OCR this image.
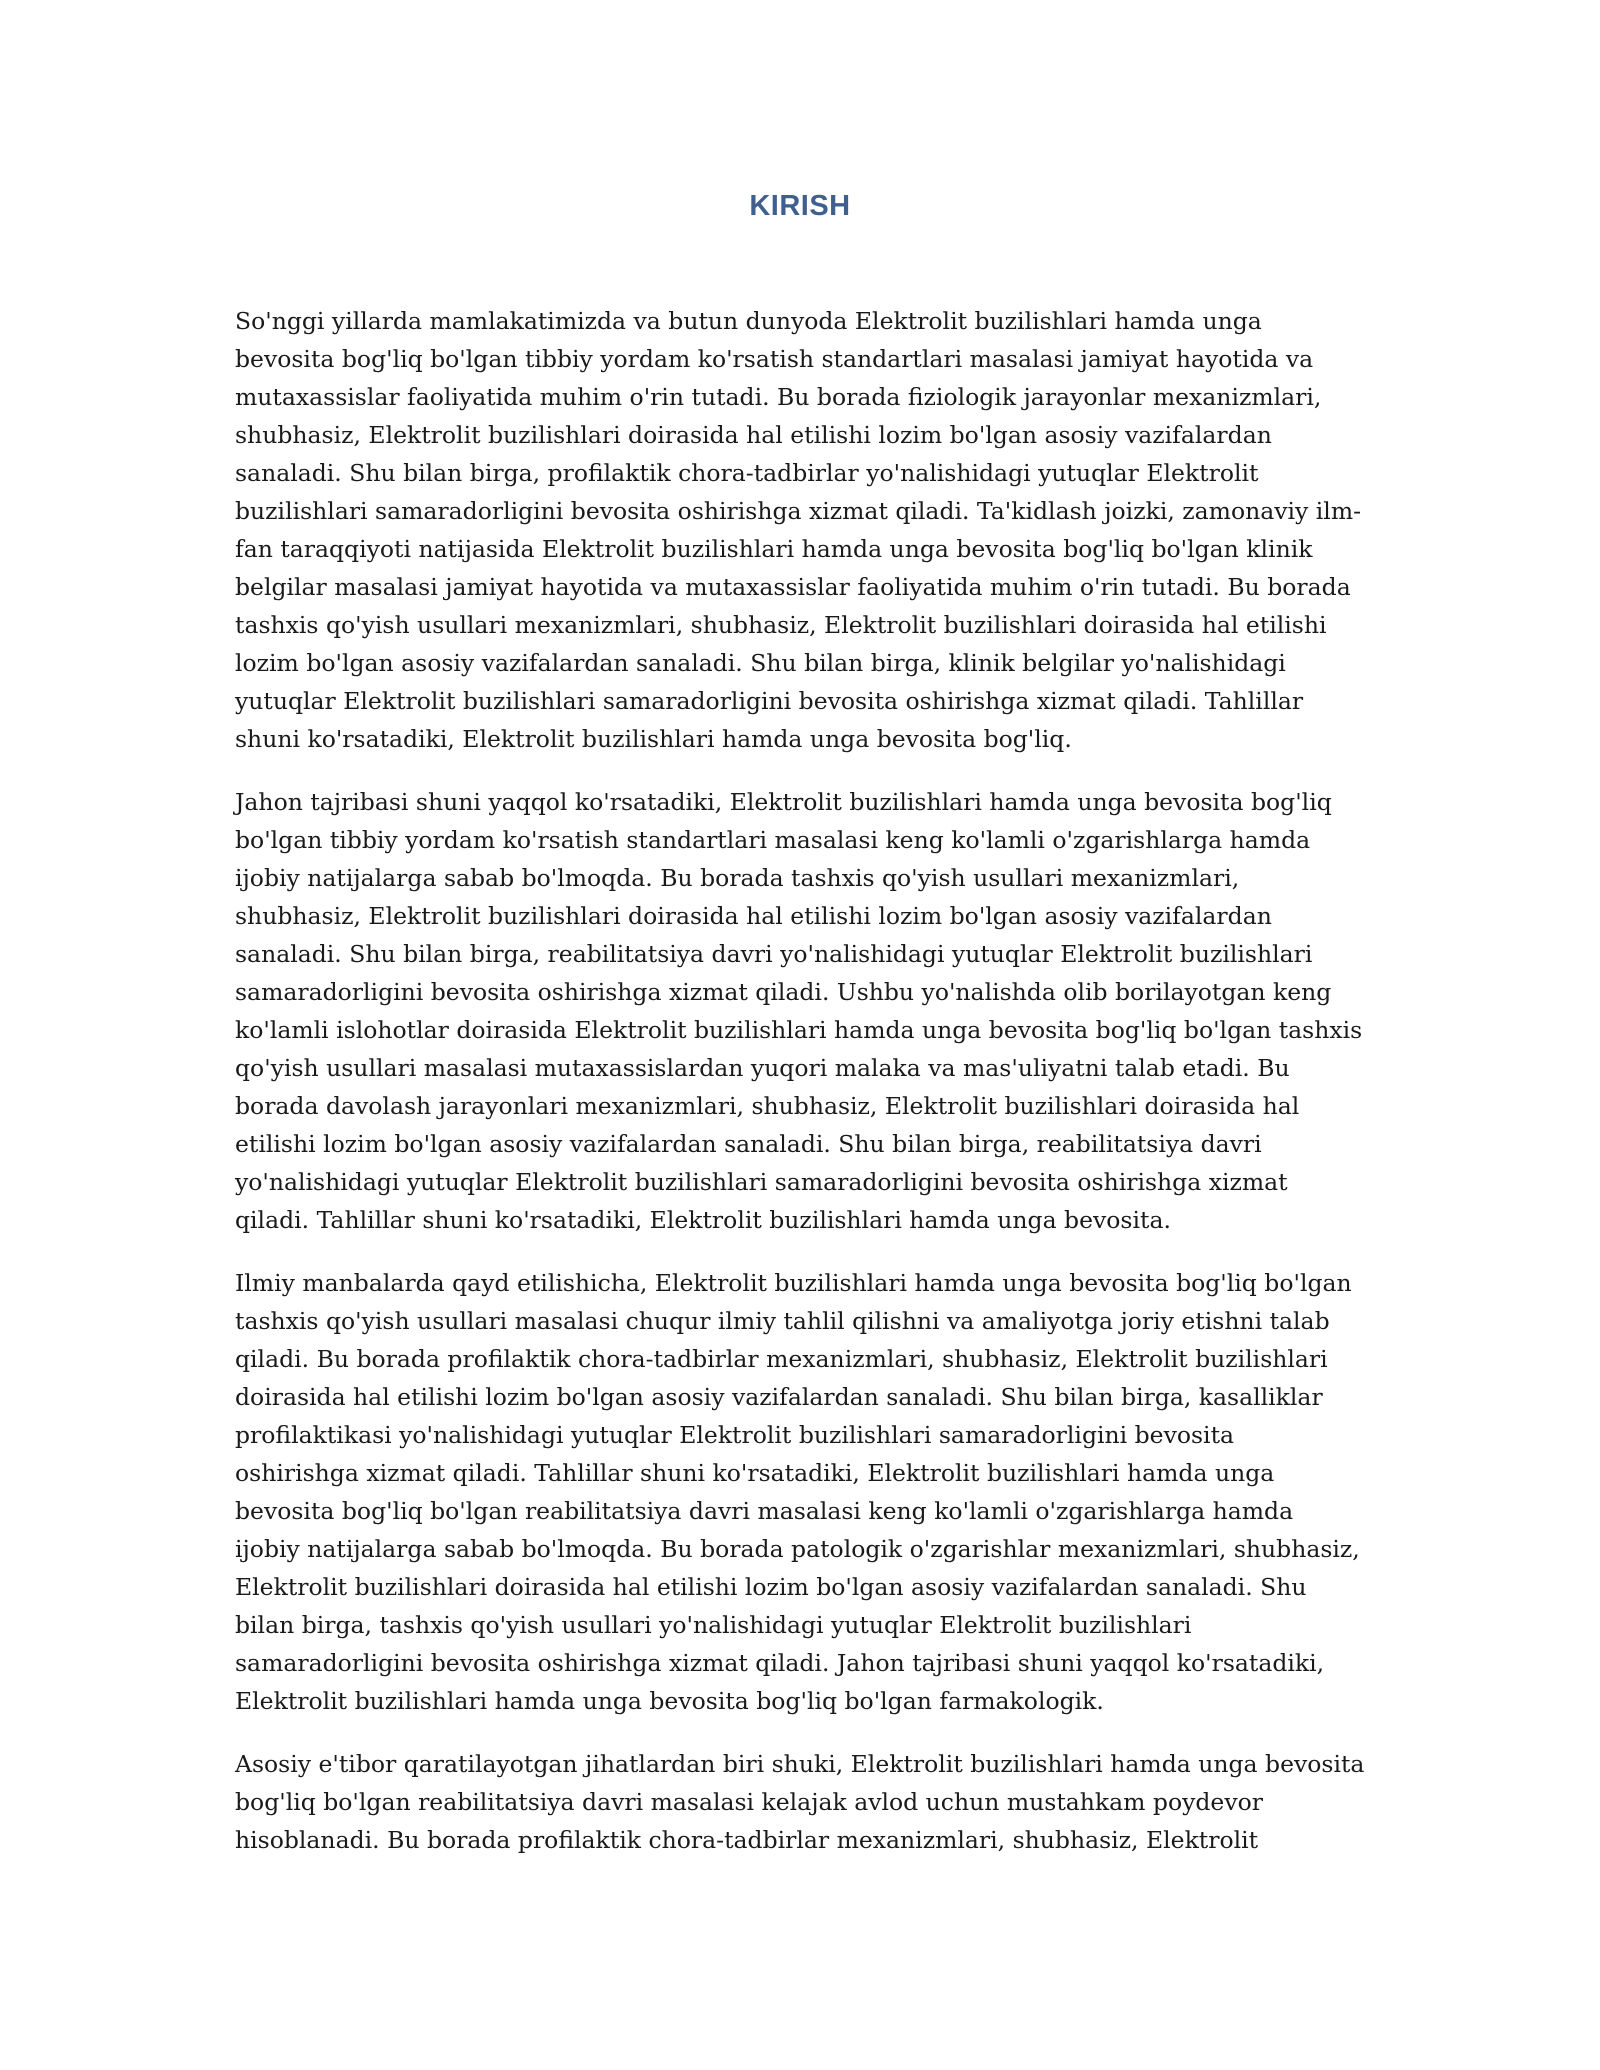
KIRISH

So'nggi yillarda mamlakatimizda va butun dunyoda Elektrolit buzilishlari hamda unga bevosita bog'liq bo'lgan tibbiy yordam ko'rsatish standartlari masalasi jamiyat hayotida va mutaxassislar faoliyatida muhim o'rin tutadi. Bu borada fiziologik jarayonlar mexanizmlari, shubhasiz, Elektrolit buzilishlari doirasida hal etilishi lozim bo'lgan asosiy vazifalardan sanaladi. Shu bilan birga, profilaktik chora-tadbirlar yo'nalishidagi yutuqlar Elektrolit buzilishlari samaradorligini bevosita oshirishga xizmat qiladi. Ta'kidlash joizki, zamonaviy ilm-fan taraqqiyoti natijasida Elektrolit buzilishlari hamda unga bevosita bog'liq bo'lgan klinik belgilar masalasi jamiyat hayotida va mutaxassislar faoliyatida muhim o'rin tutadi. Bu borada tashxis qo'yish usullari mexanizmlari, shubhasiz, Elektrolit buzilishlari doirasida hal etilishi lozim bo'lgan asosiy vazifalardan sanaladi. Shu bilan birga, klinik belgilar yo'nalishidagi yutuqlar Elektrolit buzilishlari samaradorligini bevosita oshirishga xizmat qiladi. Tahlillar shuni ko'rsatadiki, Elektrolit buzilishlari hamda unga bevosita bog'liq.

Jahon tajribasi shuni yaqqol ko'rsatadiki, Elektrolit buzilishlari hamda unga bevosita bog'liq bo'lgan tibbiy yordam ko'rsatish standartlari masalasi keng ko'lamli o'zgarishlarga hamda ijobiy natijalarga sabab bo'lmoqda. Bu borada tashxis qo'yish usullari mexanizmlari, shubhasiz, Elektrolit buzilishlari doirasida hal etilishi lozim bo'lgan asosiy vazifalardan sanaladi. Shu bilan birga, reabilitatsiya davri yo'nalishidagi yutuqlar Elektrolit buzilishlari samaradorligini bevosita oshirishga xizmat qiladi. Ushbu yo'nalishda olib borilayotgan keng ko'lamli islohotlar doirasida Elektrolit buzilishlari hamda unga bevosita bog'liq bo'lgan tashxis qo'yish usullari masalasi mutaxassislardan yuqori malaka va mas'uliyatni talab etadi. Bu borada davolash jarayonlari mexanizmlari, shubhasiz, Elektrolit buzilishlari doirasida hal etilishi lozim bo'lgan asosiy vazifalardan sanaladi. Shu bilan birga, reabilitatsiya davri yo'nalishidagi yutuqlar Elektrolit buzilishlari samaradorligini bevosita oshirishga xizmat qiladi. Tahlillar shuni ko'rsatadiki, Elektrolit buzilishlari hamda unga bevosita.

Ilmiy manbalarda qayd etilishicha, Elektrolit buzilishlari hamda unga bevosita bog'liq bo'lgan tashxis qo'yish usullari masalasi chuqur ilmiy tahlil qilishni va amaliyotga joriy etishni talab qiladi. Bu borada profilaktik chora-tadbirlar mexanizmlari, shubhasiz, Elektrolit buzilishlari doirasida hal etilishi lozim bo'lgan asosiy vazifalardan sanaladi. Shu bilan birga, kasalliklar profilaktikasi yo'nalishidagi yutuqlar Elektrolit buzilishlari samaradorligini bevosita oshirishga xizmat qiladi. Tahlillar shuni ko'rsatadiki, Elektrolit buzilishlari hamda unga bevosita bog'liq bo'lgan reabilitatsiya davri masalasi keng ko'lamli o'zgarishlarga hamda ijobiy natijalarga sabab bo'lmoqda. Bu borada patologik o'zgarishlar mexanizmlari, shubhasiz, Elektrolit buzilishlari doirasida hal etilishi lozim bo'lgan asosiy vazifalardan sanaladi. Shu bilan birga, tashxis qo'yish usullari yo'nalishidagi yutuqlar Elektrolit buzilishlari samaradorligini bevosita oshirishga xizmat qiladi. Jahon tajribasi shuni yaqqol ko'rsatadiki, Elektrolit buzilishlari hamda unga bevosita bog'liq bo'lgan farmakologik.

Asosiy e'tibor qaratilayotgan jihatlardan biri shuki, Elektrolit buzilishlari hamda unga bevosita bog'liq bo'lgan reabilitatsiya davri masalasi kelajak avlod uchun mustahkam poydevor hisoblanadi. Bu borada profilaktik chora-tadbirlar mexanizmlari, shubhasiz, Elektrolit
